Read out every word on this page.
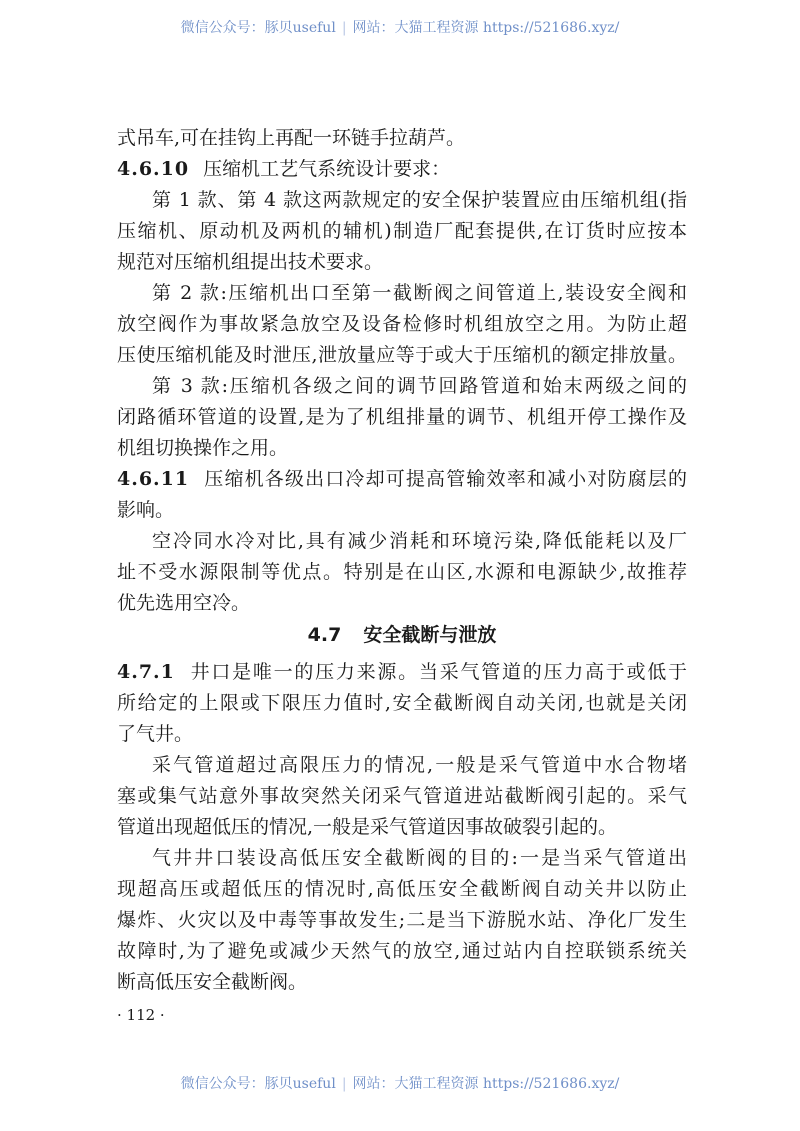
微信公众号：豚贝useful | 网站：大猫工程资源 https://521686.xyz/
式吊车,可在挂钩上再配一环链手拉葫芦。
4.6.10 压缩机工艺气系统设计要求：
第 1 款、第 4 款这两款规定的安全保护装置应由压缩机组(指
压缩机、原动机及两机的辅机)制造厂配套提供,在订货时应按本
规范对压缩机组提出技术要求。
第 2 款:压缩机出口至第一截断阀之间管道上,装设安全阀和
放空阀作为事故紧急放空及设备检修时机组放空之用。为防止超
压使压缩机能及时泄压,泄放量应等于或大于压缩机的额定排放量。
第 3 款:压缩机各级之间的调节回路管道和始末两级之间的
闭路循环管道的设置,是为了机组排量的调节、机组开停工操作及
机组切换操作之用。
4.6.11 压缩机各级出口冷却可提高管输效率和减小对防腐层的
影响。
空冷同水冷对比,具有减少消耗和环境污染,降低能耗以及厂
址不受水源限制等优点。特别是在山区,水源和电源缺少,故推荐
优先选用空冷。
4.7 安全截断与泄放
4.7.1 井口是唯一的压力来源。当采气管道的压力高于或低于
所给定的上限或下限压力值时,安全截断阀自动关闭,也就是关闭
了气井。
采气管道超过高限压力的情况,一般是采气管道中水合物堵
塞或集气站意外事故突然关闭采气管道进站截断阀引起的。采气
管道出现超低压的情况,一般是采气管道因事故破裂引起的。
气井井口装设高低压安全截断阀的目的:一是当采气管道出
现超高压或超低压的情况时,高低压安全截断阀自动关井以防止
爆炸、火灾以及中毒等事故发生;二是当下游脱水站、净化厂发生
故障时,为了避免或减少天然气的放空,通过站内自控联锁系统关
断高低压安全截断阀。
· 112 ·
微信公众号：豚贝useful | 网站：大猫工程资源 https://521686.xyz/
